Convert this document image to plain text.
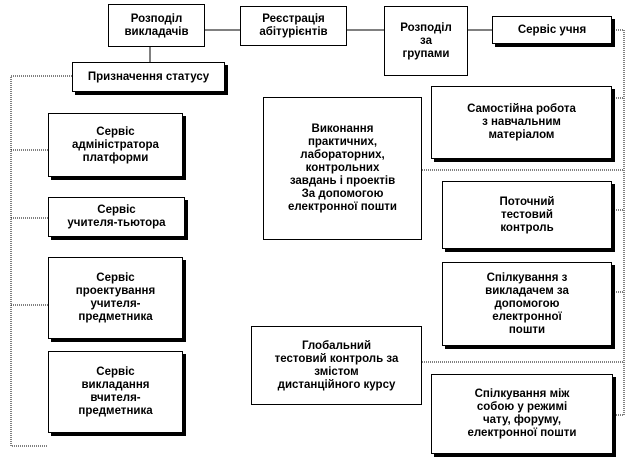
Розподіл
викладачів
Реєстрація
абітурієнтів	Розподіл
за
групами
Сервіс учня
Призначення статусу
Сервіс
адміністратора
платформи
Сервіс
учителя-тьютора
Сервіс
проектування
учителя-
предметника
Сервіс
викладання
вчителя-
предметника
Виконання
практичних,
лабораторних,
контрольних
завдань і проектів
За допомогою
електронної пошти
Самостійна робота
з навчальним
матеріалом
Поточний
тестовий
контроль
Спілкування з
викладачем за
допомогою
електронної
пошти
Глобальний
тестовий контроль за
змістом
дистанційного курсу
Спілкування між
собою у режимі
чату, форуму,
електронної пошти
